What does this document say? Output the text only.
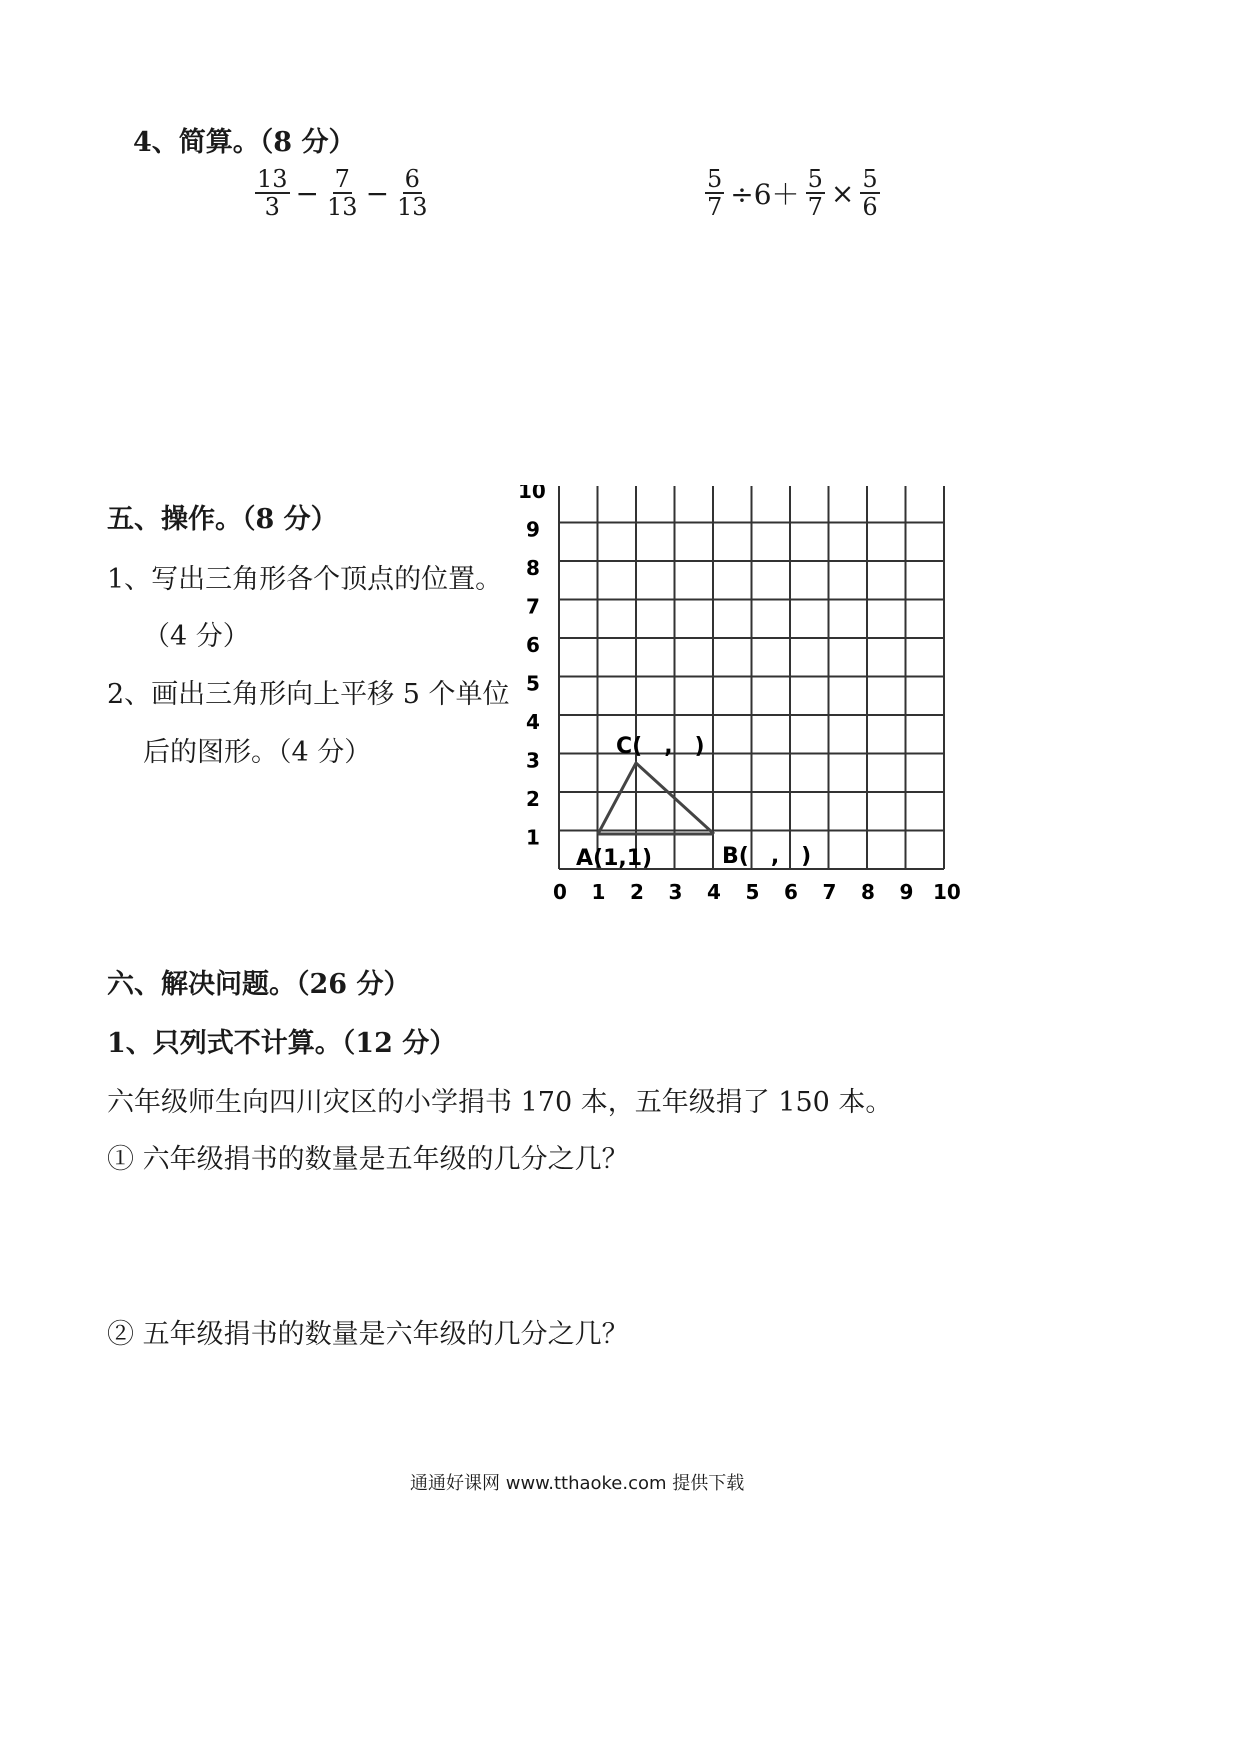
4、简算。（8 分）
$\frac{13}{3} - \frac{7}{13} - \frac{6}{13}$	$\frac{5}{7} \div 6+ \frac{5}{7} \times \frac{5}{6}$
五、操作。（8 分）
1、写出三角形各个顶点的位置。
（4 分）
2、画出三角形向上平移 5 个单位
后的图形。（4 分）
0 1 2 3 4 5 6 7 8 9 10
1
2
3
4
5
6
7
8
9
10
A(1,1)	B(　,　)
C(　,　)
六、解决问题。（26 分）
1、只列式不计算。（12 分）
六年级师生向四川灾区的小学捐书 170 本，五年级捐了 150 本。
① 六年级捐书的数量是五年级的几分之几？
② 五年级捐书的数量是六年级的几分之几？
通通好课网 www.tthaoke.com 提供下载
